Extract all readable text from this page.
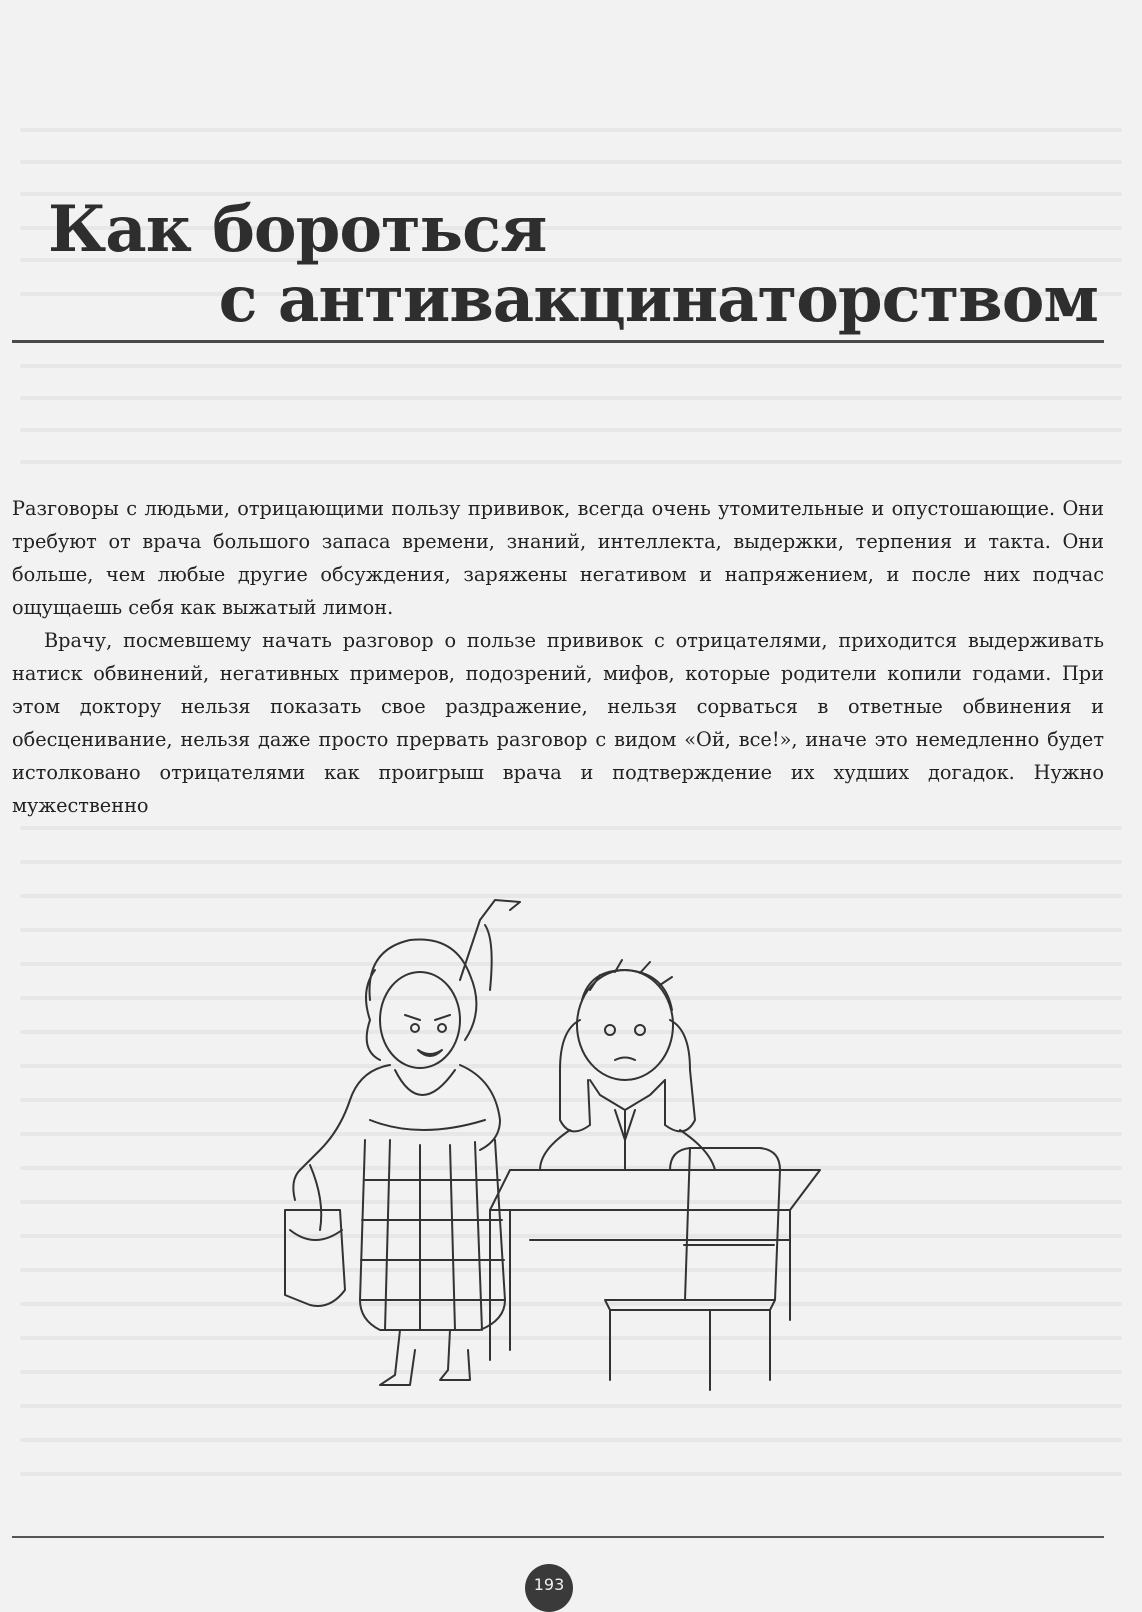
Как бороться
с антивакцинаторством

Разговоры с людьми, отрицающими пользу прививок, всегда очень утомительные и опустошающие. Они требуют от врача большого запаса времени, знаний, интеллекта, выдержки, терпения и такта. Они больше, чем любые другие обсуждения, заряжены негативом и напряжением, и после них подчас ощущаешь себя как выжатый лимон.

Врачу, посмевшему начать разговор о пользе прививок с отрицателями, приходится выдерживать натиск обвинений, негативных примеров, подозрений, мифов, которые родители копили годами. При этом доктору нельзя показать свое раздражение, нельзя сорваться в ответные обвинения и обесценивание, нельзя даже просто прервать разговор с видом «Ой, все!», иначе это немедленно будет истолковано отрицателями как проигрыш врача и подтверждение их худших догадок. Нужно мужественно

193
